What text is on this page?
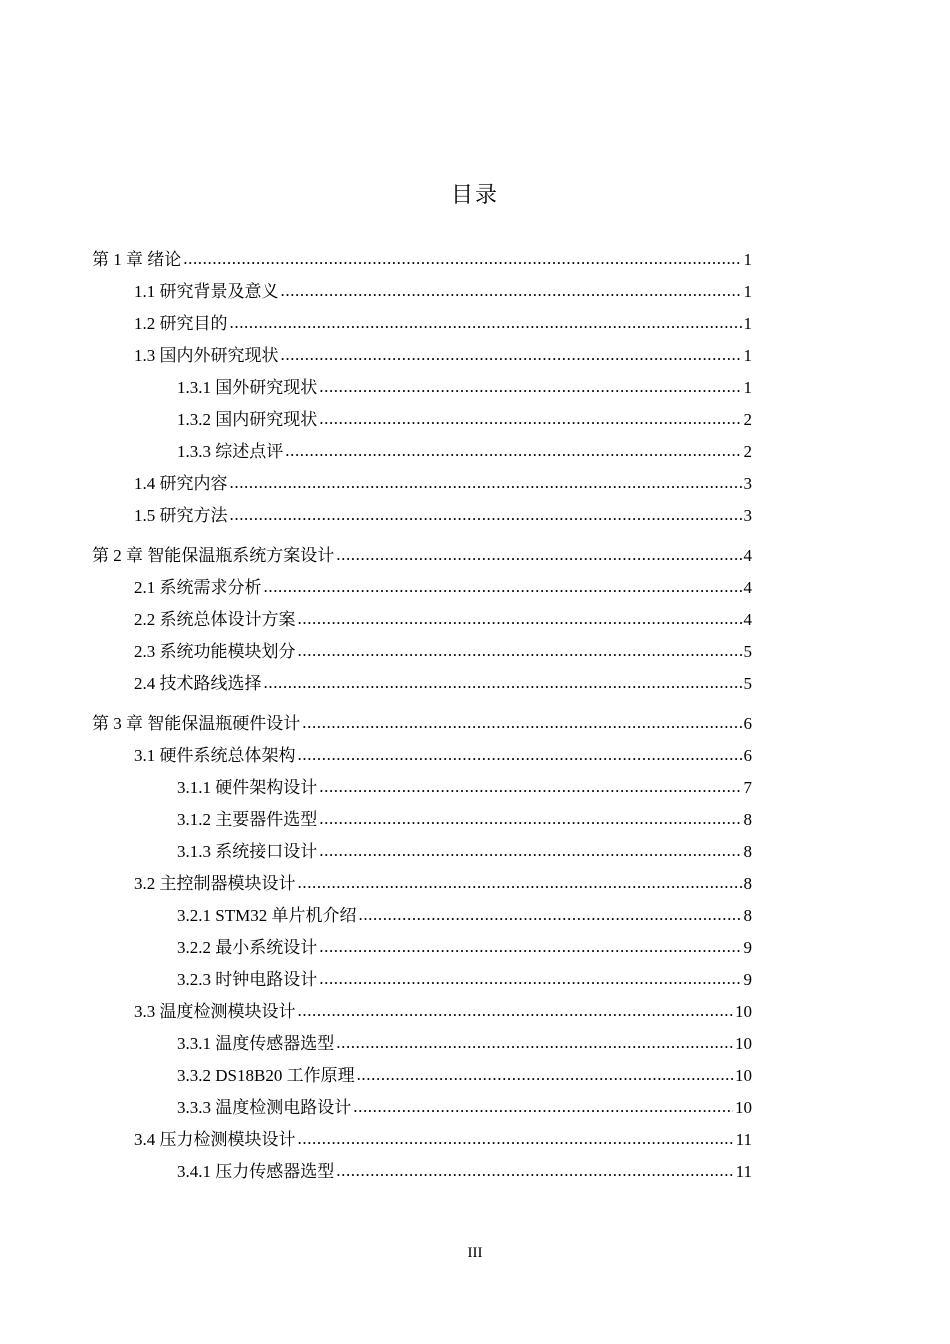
目录
第 1 章 绪论 .....	1
1.1 研究背景及意义 .....	1
1.2 研究目的 .....	1
1.3 国内外研究现状 .....	1
1.3.1 国外研究现状 .....	1
1.3.2 国内研究现状 .....	2
1.3.3 综述点评 .....	2
1.4 研究内容 .....	3
1.5 研究方法 .....	3
第 2 章 智能保温瓶系统方案设计 .....	4
2.1 系统需求分析 .....	4
2.2 系统总体设计方案 .....	4
2.3 系统功能模块划分 .....	5
2.4 技术路线选择 .....	5
第 3 章 智能保温瓶硬件设计 .....	6
3.1 硬件系统总体架构 .....	6
3.1.1 硬件架构设计 .....	7
3.1.2 主要器件选型 .....	8
3.1.3 系统接口设计 .....	8
3.2 主控制器模块设计 .....	8
3.2.1 STM32 单片机介绍 .....	8
3.2.2 最小系统设计 .....	9
3.2.3 时钟电路设计 .....	9
3.3 温度检测模块设计 .....	10
3.3.1 温度传感器选型 .....	10
3.3.2 DS18B20 工作原理 .....	10
3.3.3 温度检测电路设计 .....	10
3.4 压力检测模块设计 .....	11
3.4.1 压力传感器选型 .....	11
III
